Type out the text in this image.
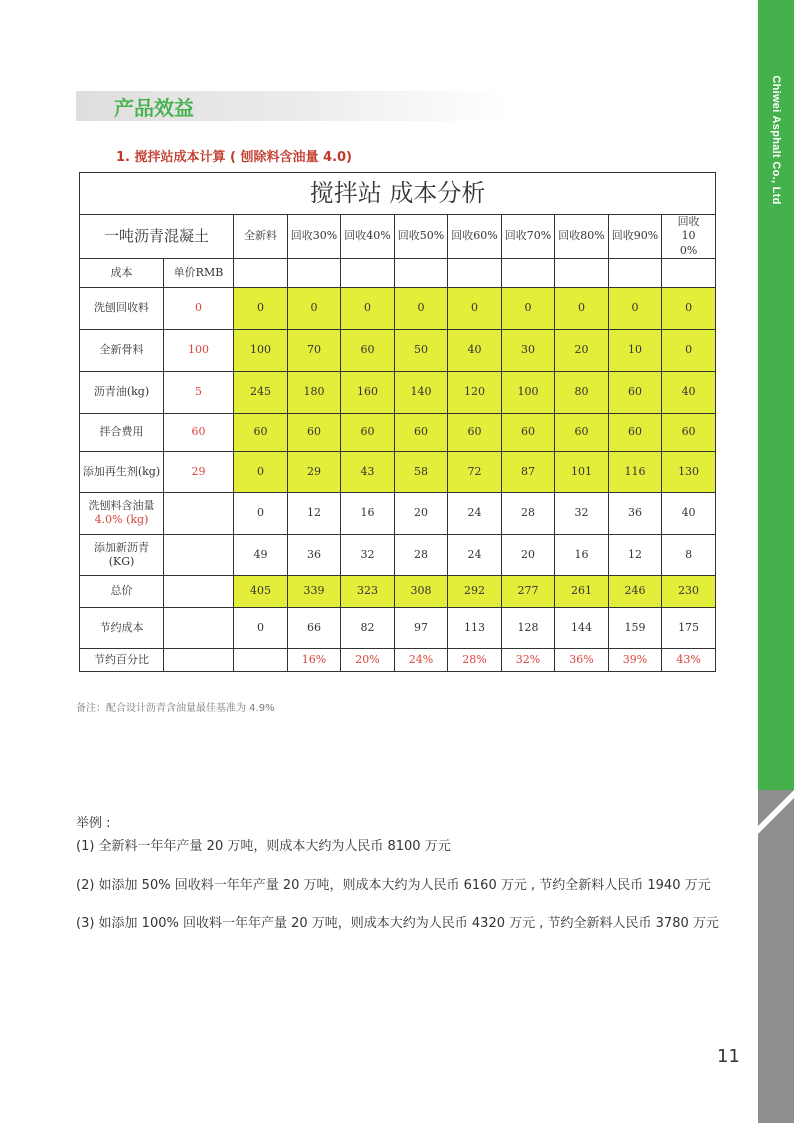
Chiwei Asphalt Co., Ltd
产品效益
1. 搅拌站成本计算 ( 刨除料含油量 4.0)
搅拌站 成本分析										
一吨沥青混凝土		全新料	回收30%	回收40%	回收50%	回收60%	回收70%	回收80%	回收90%	回收100%

成本	单价RMB									
洗刨回收料	0	0	0	0	0	0	0	0	0	0
全新骨料	100	100	70	60	50	40	30	20	10	0
沥青油(kg)	5	245	180	160	140	120	100	80	60	40
拌合费用	60	60	60	60	60	60	60	60	60	60
添加再生剂(kg)	29	0	29	43	58	72	87	101	116	130

洗刨料含油量
4.0% (kg)		0	12	16	20	24	28	32	36	40

添加新沥青
(KG)		49	36	32	28	24	20	16	12	8
总价		405	339	323	308	292	277	261	246	230
节约成本		0	66	82	97	113	128	144	159	175
节约百分比			16%	20%	24%	28%	32%	36%	39%	43%
备注：配合设计沥青含油量最佳基准为 4.9%

举例 :

(1) 全新料一年年产量 20 万吨，则成本大约为人民币 8100 万元

(2) 如添加 50% 回收料一年年产量 20 万吨，则成本大约为人民币 6160 万元 , 节约全新料人民币 1940 万元

(3) 如添加 100% 回收料一年年产量 20 万吨，则成本大约为人民币 4320 万元 , 节约全新料人民币 3780 万元

11
